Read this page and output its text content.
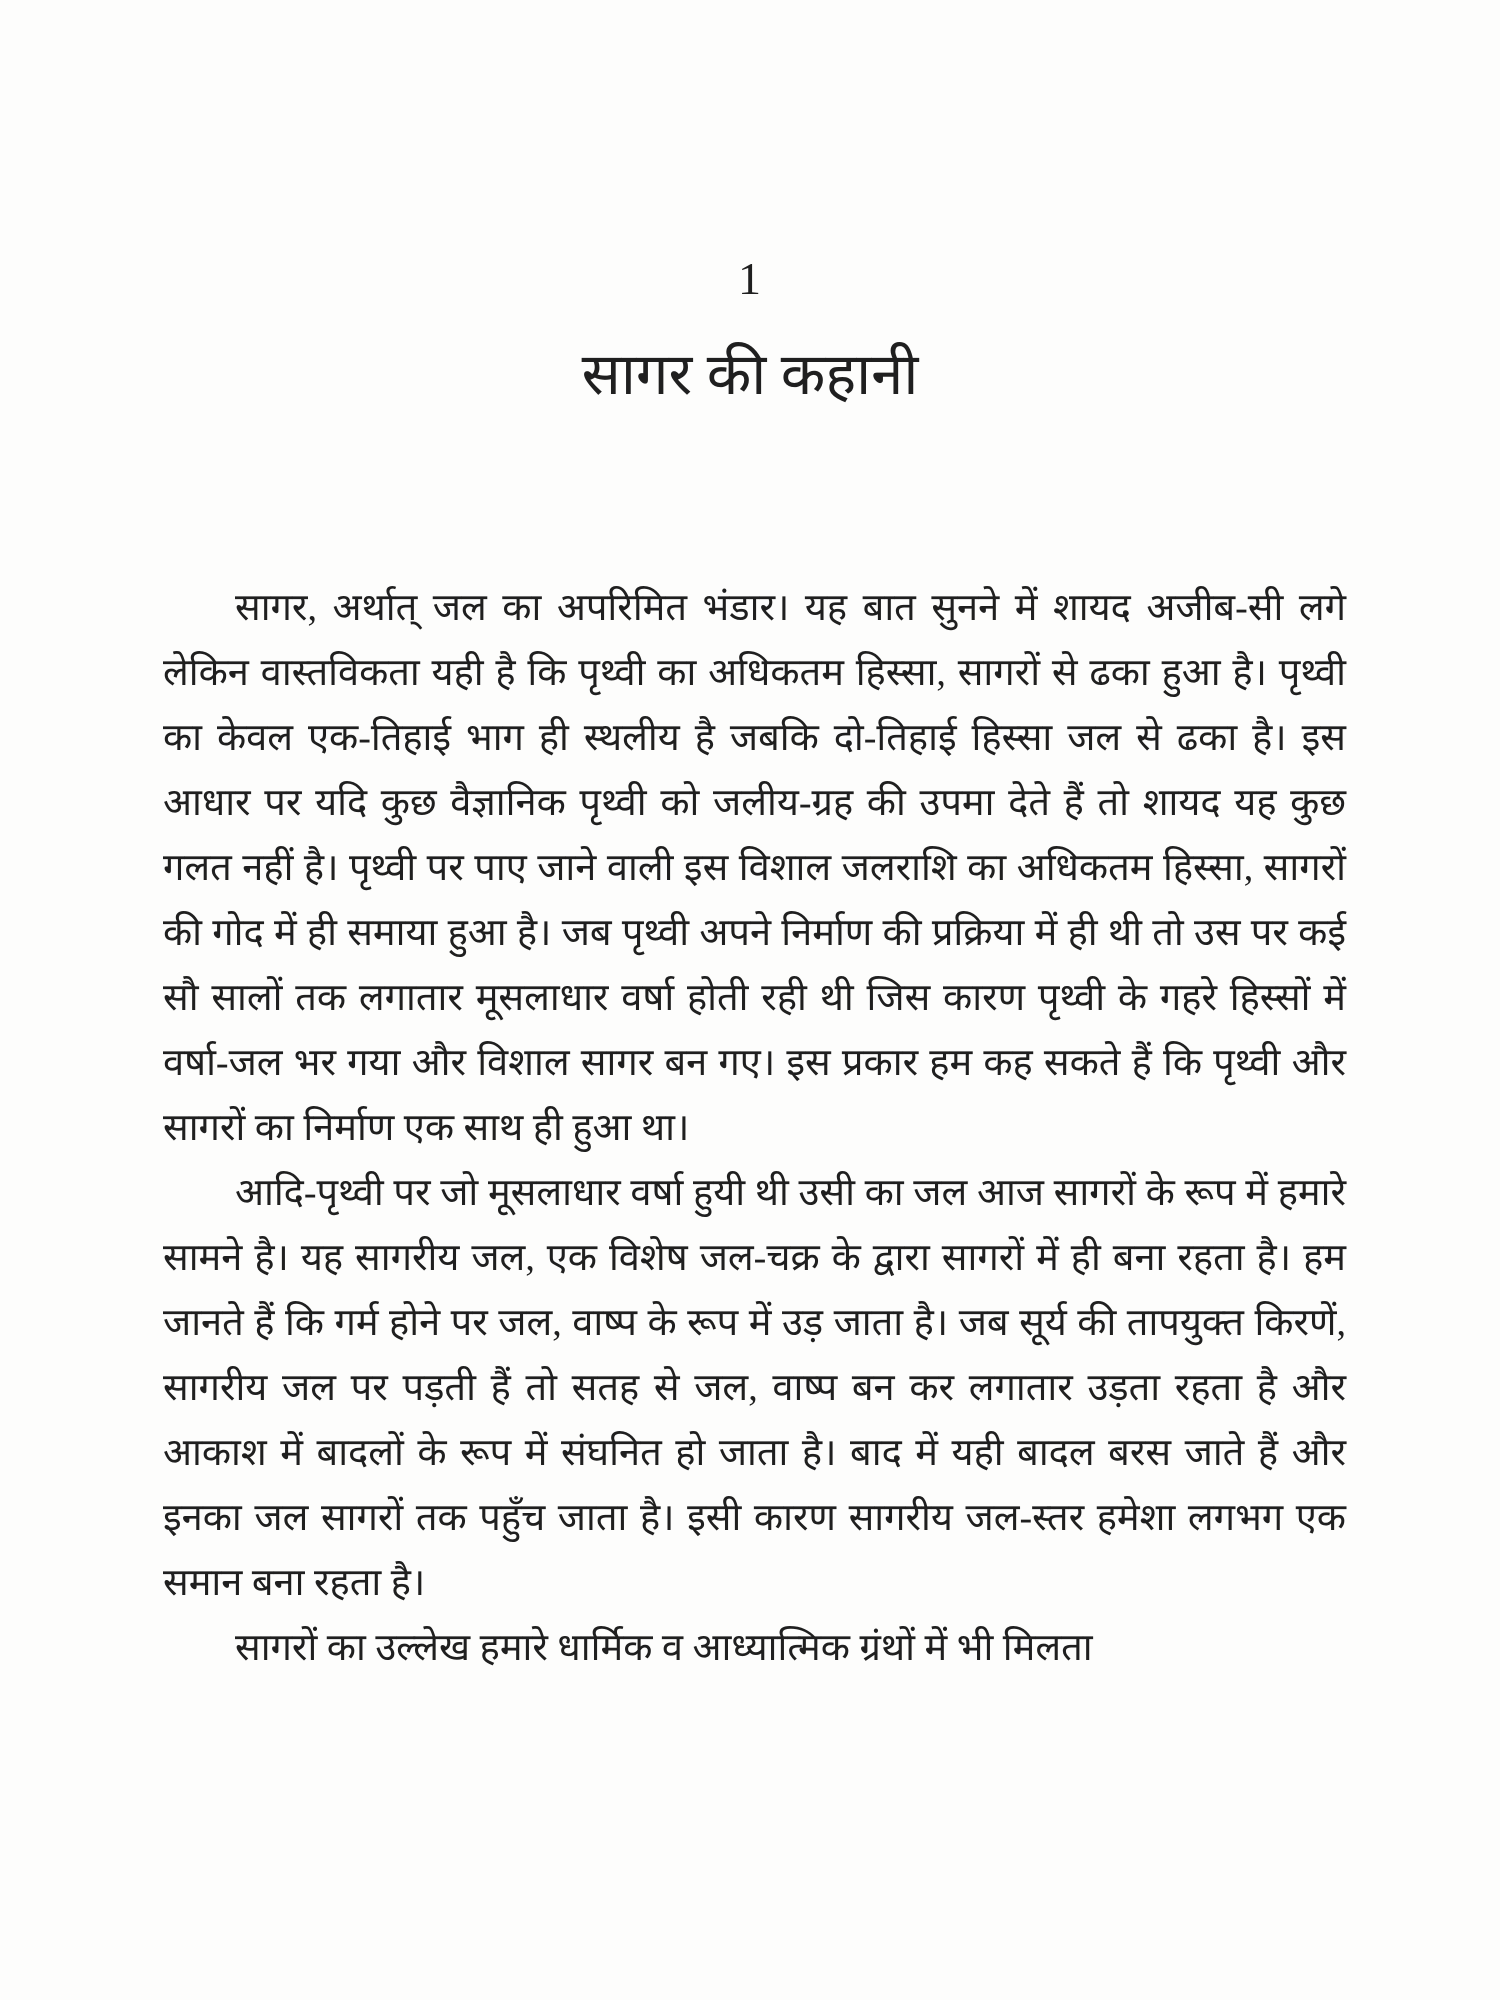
1
सागर की कहानी

सागर, अर्थात् जल का अपरिमित भंडार। यह बात सुनने में शायद अजीब-सी लगे लेकिन वास्तविकता यही है कि पृथ्वी का अधिकतम हिस्सा, सागरों से ढका हुआ है। पृथ्वी का केवल एक-तिहाई भाग ही स्थलीय है जबकि दो-तिहाई हिस्सा जल से ढका है। इस आधार पर यदि कुछ वैज्ञानिक पृथ्वी को जलीय-ग्रह की उपमा देते हैं तो शायद यह कुछ गलत नहीं है। पृथ्वी पर पाए जाने वाली इस विशाल जलराशि का अधिकतम हिस्सा, सागरों की गोद में ही समाया हुआ है। जब पृथ्वी अपने निर्माण की प्रक्रिया में ही थी तो उस पर कई सौ सालों तक लगातार मूसलाधार वर्षा होती रही थी जिस कारण पृथ्वी के गहरे हिस्सों में वर्षा-जल भर गया और विशाल सागर बन गए। इस प्रकार हम कह सकते हैं कि पृथ्वी और सागरों का निर्माण एक साथ ही हुआ था।

आदि-पृथ्वी पर जो मूसलाधार वर्षा हुयी थी उसी का जल आज सागरों के रूप में हमारे सामने है। यह सागरीय जल, एक विशेष जल-चक्र के द्वारा सागरों में ही बना रहता है। हम जानते हैं कि गर्म होने पर जल, वाष्प के रूप में उड़ जाता है। जब सूर्य की तापयुक्त किरणें, सागरीय जल पर पड़ती हैं तो सतह से जल, वाष्प बन कर लगातार उड़ता रहता है और आकाश में बादलों के रूप में संघनित हो जाता है। बाद में यही बादल बरस जाते हैं और इनका जल सागरों तक पहुँच जाता है। इसी कारण सागरीय जल-स्तर हमेशा लगभग एक समान बना रहता है।

सागरों का उल्लेख हमारे धार्मिक व आध्यात्मिक ग्रंथों में भी मिलता
